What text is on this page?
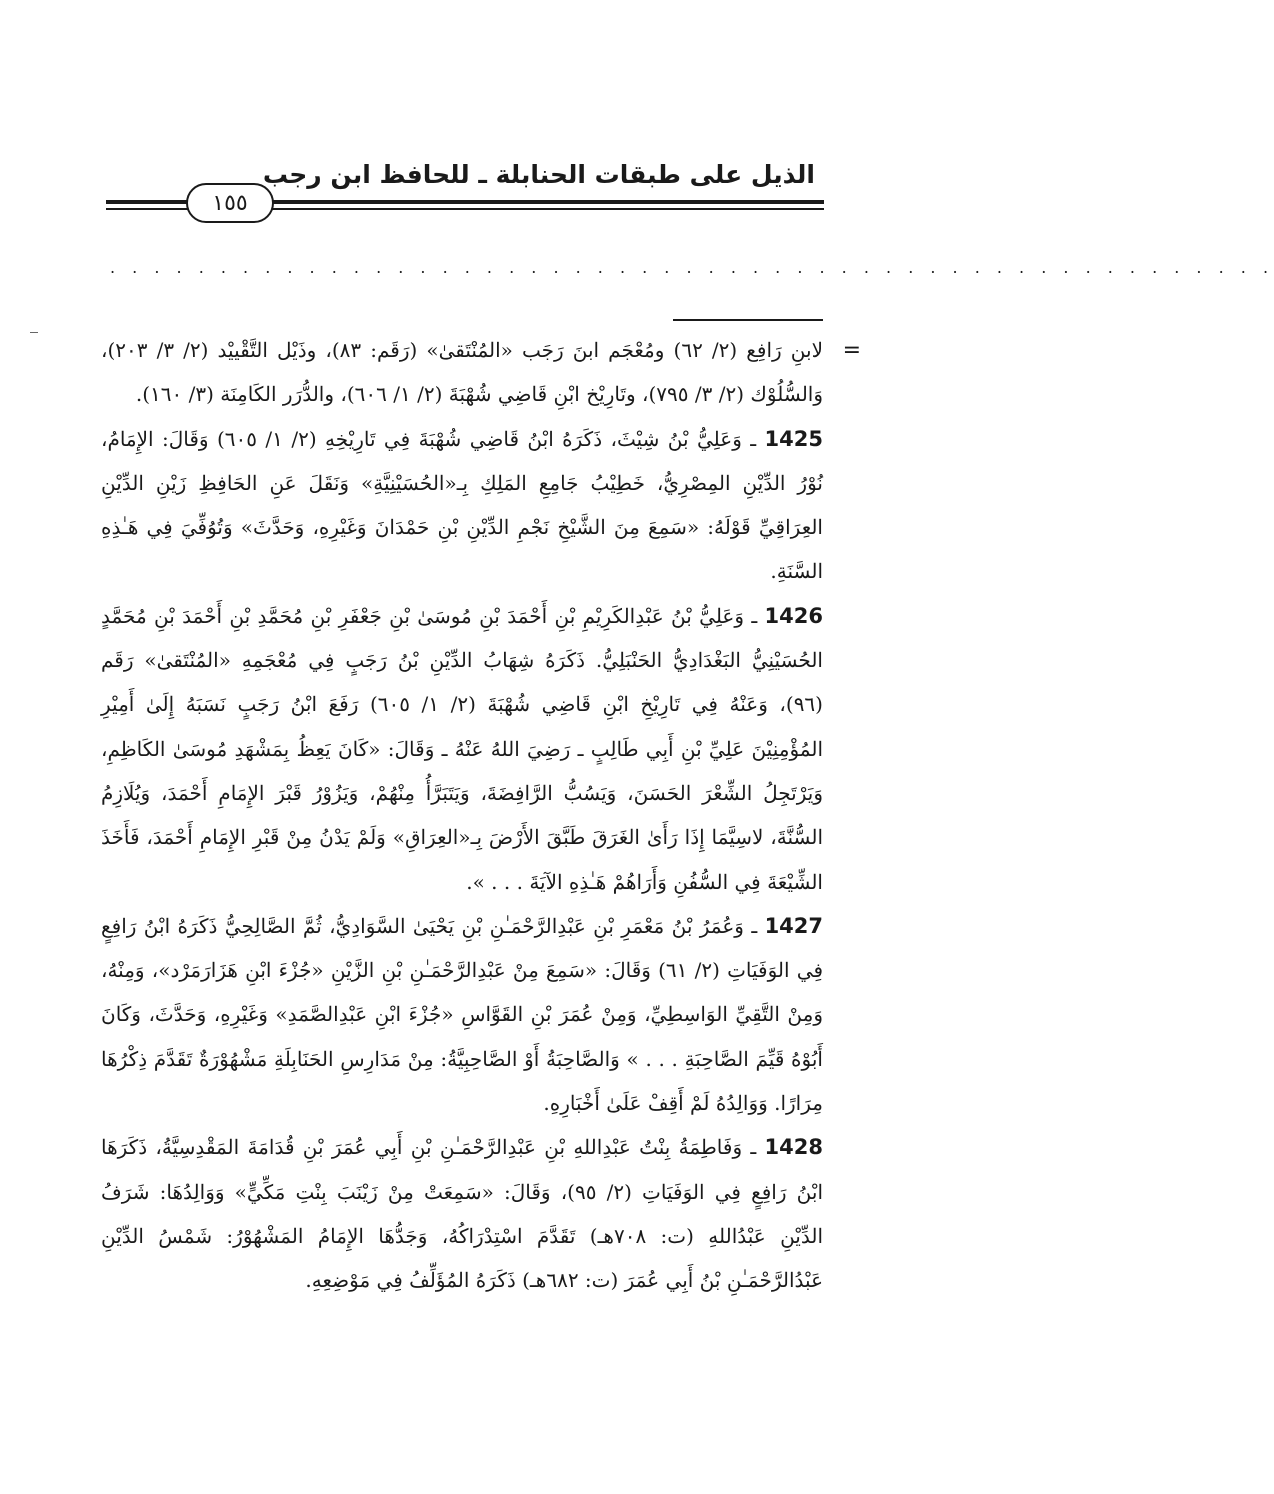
الذيل على طبقات الحنابلة ـ للحافظ ابن رجب
١٥٥
. . . . . . . . . . . . . . . . . . . . . . . . . . . . . . . . . . . . . . . . . . . . . . . . . . . . .
=

لابنِ رَافِع (٢/ ٦٢) ومُعْجَم ابنَ رَجَب «المُنْتَقىٰ» (رَقَم: ٨٣)، وذَيْل التَّقْييْد (٢/ ٣/ ٢٠٣)، وَالسُّلُوْك (٢/ ٣/ ٧٩٥)، وتَارِيْخ ابْنِ قَاضِي شُهْبَةَ (٢/ ١/ ٦٠٦)، والدُّرَر الكَامِنَة (٣/ ١٦٠).

1425 ـ وَعَلِيُّ بْنُ شِيْثَ، ذَكَرَهُ ابْنُ قَاضِي شُهْبَةَ فِي تَارِيْخِهِ (٢/ ١/ ٦٠٥) وَقَالَ: الإِمَامُ، نُوْرُ الدِّيْنِ المِصْرِيُّ، خَطِيْبُ جَامِعِ المَلِكِ بِـ«الحُسَيْنِيَّةِ» وَنَقَلَ عَنِ الحَافِظِ زَيْنِ الدِّيْنِ العِرَاقِيِّ قَوْلَهُ: «سَمِعَ مِنَ الشَّيْخِ نَجْمِ الدِّيْنِ بْنِ حَمْدَانَ وَغَيْرِهِ، وَحَدَّثَ» وَتُوُفِّيَ فِي هَـٰذِهِ السَّنَةِ.

1426 ـ وَعَلِيُّ بْنُ عَبْدِالكَرِيْمِ بْنِ أَحْمَدَ بْنِ مُوسَىٰ بْنِ جَعْفَرِ بْنِ مُحَمَّدِ بْنِ أَحْمَدَ بْنِ مُحَمَّدٍ الحُسَيْنِيُّ البَغْدَادِيُّ الحَنْبَلِيُّ. ذَكَرَهُ شِهَابُ الدِّيْنِ بْنُ رَجَبٍ فِي مُعْجَمِهِ «المُنْتَقىٰ» رَقَم (٩٦)، وَعَنْهُ فِي تَارِيْخِ ابْنِ قَاضِي شُهْبَةَ (٢/ ١/ ٦٠٥) رَفَعَ ابْنُ رَجَبٍ نَسَبَهُ إِلَىٰ أَمِيْرِ المُؤْمِنِيْنَ عَلِيِّ بْنِ أَبِي طَالِبٍ ـ رَضِيَ اللهُ عَنْهُ ـ وَقَالَ: «كَانَ يَعِظُ بِمَشْهَدِ مُوسَىٰ الكَاظِمِ، وَيَرْتَجِلُ الشِّعْرَ الحَسَنَ، وَيَسُبُّ الرَّافِضَةَ، وَيَتَبَرَّأُ مِنْهُمْ، وَيَزُوْرُ قَبْرَ الإِمَامِ أَحْمَدَ، وَيُلَازِمُ السُّنَّةَ، لاسِيَّمَا إِذَا رَأَىٰ الغَرَقَ طَبَّقَ الأَرْضَ بِـ«العِرَاقِ» وَلَمْ يَدْنُ مِنْ قَبْرِ الإِمَامِ أَحْمَدَ، فَأَخَذَ الشِّيْعَةَ فِي السُّفُنِ وَأَرَاهُمْ هَـٰذِهِ الآيَةَ . . . ».

1427 ـ وَعُمَرُ بْنُ مَعْمَرِ بْنِ عَبْدِالرَّحْمَـٰنِ بْنِ يَحْيَىٰ السَّوَادِيُّ، ثُمَّ الصَّالِحِيُّ ذَكَرَهُ ابْنُ رَافِعٍ فِي الوَفَيَاتِ (٢/ ٦١) وَقَالَ: «سَمِعَ مِنْ عَبْدِالرَّحْمَـٰنِ بْنِ الزَّيْنِ «جُزْءَ ابْنِ هَزَارَمَرْد»، وَمِنْهُ، وَمِنْ التَّقِيِّ الوَاسِطِيِّ، وَمِنْ عُمَرَ بْنِ القَوَّاسِ «جُزْءَ ابْنِ عَبْدِالصَّمَدِ» وَغَيْرِهِ، وَحَدَّثَ، وَكَانَ أَبُوْهُ قَيِّمَ الصَّاحِبَةِ . . . » وَالصَّاحِبَةُ أَوْ الصَّاحِبِيَّةُ: مِنْ مَدَارِسِ الحَنَابِلَةِ مَشْهُوْرَةٌ تَقَدَّمَ ذِكْرُهَا مِرَارًا. وَوَالِدُهُ لَمْ أَقِفْ عَلَىٰ أَخْبَارِهِ.

1428 ـ وَفَاطِمَةُ بِنْتُ عَبْدِاللهِ بْنِ عَبْدِالرَّحْمَـٰنِ بْنِ أَبِي عُمَرَ بْنِ قُدَامَةَ المَقْدِسِيَّةُ، ذَكَرَهَا ابْنُ رَافِعٍ فِي الوَفَيَاتِ (٢/ ٩٥)، وَقَالَ: «سَمِعَتْ مِنْ زَيْنَبَ بِنْتِ مَكِّيٍّ» وَوَالِدُهَا: شَرَفُ الدِّيْنِ عَبْدُاللهِ (ت: ٧٠٨هـ) تَقَدَّمَ اسْتِدْرَاكُهُ، وَجَدُّهَا الإِمَامُ المَشْهُوْرُ: شَمْسُ الدِّيْنِ عَبْدُالرَّحْمَـٰنِ بْنُ أَبِي عُمَرَ (ت: ٦٨٢هـ) ذَكَرَهُ المُؤَلِّفُ فِي مَوْضِعِهِ.
